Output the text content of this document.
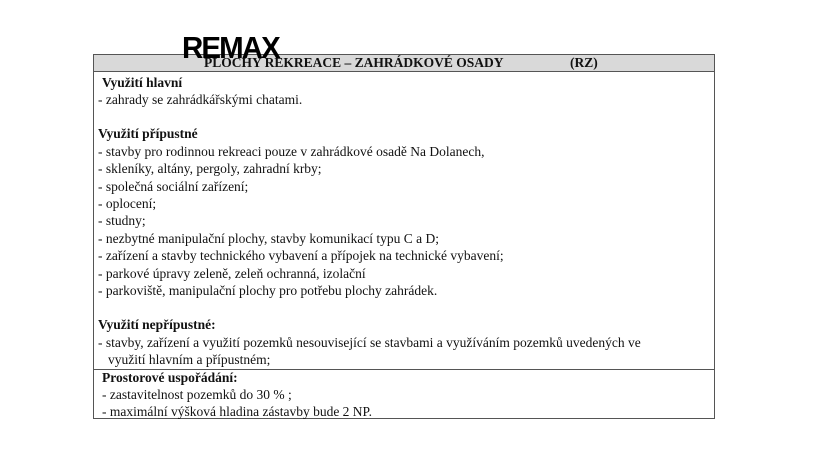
PLOCHY REKREACE – ZAHRÁDKOVÉ OSADY	(RZ)
Využití hlavní
- zahrady se zahrádkářskými chatami.
Využití přípustné
- stavby pro rodinnou rekreaci pouze v zahrádkové osadě Na Dolanech,
- skleníky, altány, pergoly, zahradní krby;
- společná sociální zařízení;
- oplocení;
- studny;
- nezbytné manipulační plochy, stavby komunikací typu C a D;
- zařízení a stavby technického vybavení a přípojek na technické vybavení;
- parkové úpravy zeleně, zeleň ochranná, izolační
- parkoviště, manipulační plochy pro potřebu plochy zahrádek.
Využití nepřípustné:
- stavby, zařízení a využití pozemků nesouvisející se stavbami a využíváním pozemků uvedených ve
využití hlavním a přípustném;
Prostorové uspořádání:
- zastavitelnost pozemků do 30 % ;
- maximální výšková hladina zástavby bude 2 NP.
REMAX
